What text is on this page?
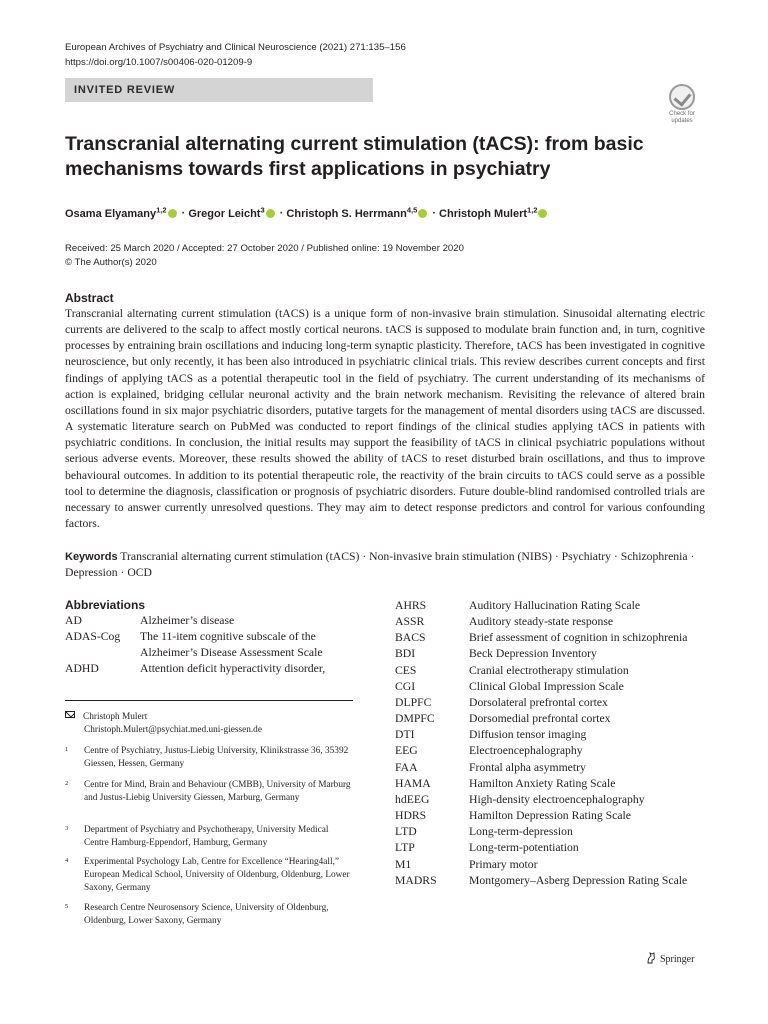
European Archives of Psychiatry and Clinical Neuroscience (2021) 271:135–156
https://doi.org/10.1007/s00406-020-01209-9
INVITED REVIEW
Check for
updates
Transcranial alternating current stimulation (tACS): from basic
mechanisms towards first applications in psychiatry
Osama Elyamany$^{1,2}$ · Gregor Leicht$^3$ · Christoph S. Herrmann$^{4,5}$ · Christoph Mulert$^{1,2}$
Received: 25 March 2020 / Accepted: 27 October 2020 / Published online: 19 November 2020
© The Author(s) 2020
Abstract
Transcranial alternating current stimulation (tACS) is a unique form of non-invasive brain stimulation. Sinusoidal alternating electric currents are delivered to the scalp to affect mostly cortical neurons. tACS is supposed to modulate brain function and, in turn, cognitive processes by entraining brain oscillations and inducing long-term synaptic plasticity. Therefore, tACS has been investigated in cognitive neuroscience, but only recently, it has been also introduced in psychiatric clinical trials. This review describes current concepts and first findings of applying tACS as a potential therapeutic tool in the field of psychiatry. The current understanding of its mechanisms of action is explained, bridging cellular neuronal activity and the brain network mechanism. Revisiting the relevance of altered brain oscillations found in six major psychiatric disorders, putative targets for the management of mental disorders using tACS are discussed. A systematic literature search on PubMed was conducted to report findings of the clinical studies applying tACS in patients with psychiatric conditions. In conclusion, the initial results may support the feasibility of tACS in clinical psychiatric populations without serious adverse events. Moreover, these results showed the ability of tACS to reset disturbed brain oscillations, and thus to improve behavioural outcomes. In addition to its potential therapeutic role, the reactivity of the brain circuits to tACS could serve as a possible tool to determine the diagnosis, classification or prognosis of psychiatric disorders. Future double-blind randomised controlled trials are necessary to answer currently unresolved questions. They may aim to detect response predictors and control for various confounding factors.
Keywords Transcranial alternating current stimulation (tACS) · Non-invasive brain stimulation (NIBS) · Psychiatry · Schizophrenia · Depression · OCD
Abbreviations
AD	Alzheimer’s disease
ADAS-Cog	The 11-item cognitive subscale of the Alzheimer’s Disease Assessment Scale
ADHD	Attention deficit hyperactivity disorder,
AHRS	Auditory Hallucination Rating Scale
ASSR	Auditory steady-state response
BACS	Brief assessment of cognition in schizophrenia
BDI	Beck Depression Inventory
CES	Cranial electrotherapy stimulation
CGI	Clinical Global Impression Scale
DLPFC	Dorsolateral prefrontal cortex
DMPFC	Dorsomedial prefrontal cortex
DTI	Diffusion tensor imaging
EEG	Electroencephalography
FAA	Frontal alpha asymmetry
HAMA	Hamilton Anxiety Rating Scale
hdEEG	High-density electroencephalography
HDRS	Hamilton Depression Rating Scale
LTD	Long-term-depression
LTP	Long-term-potentiation
M1	Primary motor
MADRS	Montgomery–Asberg Depression Rating Scale
Christoph Mulert
Christoph.Mulert@psychiat.med.uni-giessen.de
1 Centre of Psychiatry, Justus-Liebig University, Klinikstrasse 36, 35392 Giessen, Hessen, Germany
2 Centre for Mind, Brain and Behaviour (CMBB), University of Marburg and Justus-Liebig University Giessen, Marburg, Germany
3 Department of Psychiatry and Psychotherapy, University Medical Centre Hamburg-Eppendorf, Hamburg, Germany
4 Experimental Psychology Lab, Centre for Excellence “Hearing4all,” European Medical School, University of Oldenburg, Oldenburg, Lower Saxony, Germany
5 Research Centre Neurosensory Science, University of Oldenburg, Oldenburg, Lower Saxony, Germany
Springer
